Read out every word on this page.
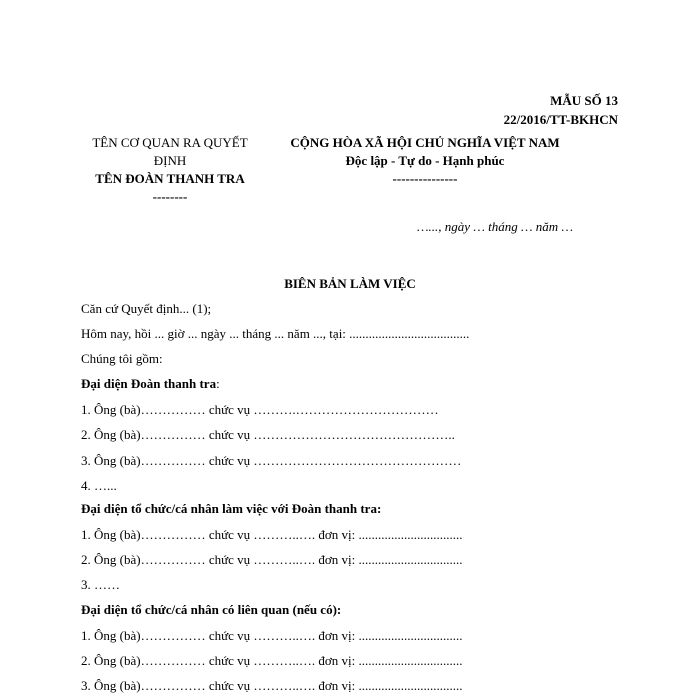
MẪU SỐ 13
22/2016/TT-BKHCN
TÊN CƠ QUAN RA QUYẾT
ĐỊNH
TÊN ĐOÀN THANH TRA
--------
CỘNG HÒA XÃ HỘI CHỦ NGHĨA VIỆT NAM
Độc lập - Tự do - Hạnh phúc
---------------
…..., ngày … tháng … năm …
BIÊN BẢN LÀM VIỆC
Căn cứ Quyết định... (1);
Hôm nay, hồi ... giờ ... ngày ... tháng ... năm ..., tại: .....................................
Chúng tôi gồm:
Đại diện Đoàn thanh tra:
1. Ông (bà)…………… chức vụ ……….……………………………
2. Ông (bà)…………… chức vụ ………………………………………..
3. Ông (bà)…………… chức vụ …………………………………………
4. …...
Đại diện tổ chức/cá nhân làm việc với Đoàn thanh tra:
1. Ông (bà)…………… chức vụ ………..…. đơn vị: ................................
2. Ông (bà)…………… chức vụ ………..…. đơn vị: ................................
3. ……
Đại diện tổ chức/cá nhân có liên quan (nếu có):
1. Ông (bà)…………… chức vụ ………..…. đơn vị: ................................
2. Ông (bà)…………… chức vụ ………..…. đơn vị: ................................
3. Ông (bà)…………… chức vụ ………..…. đơn vị: ................................
